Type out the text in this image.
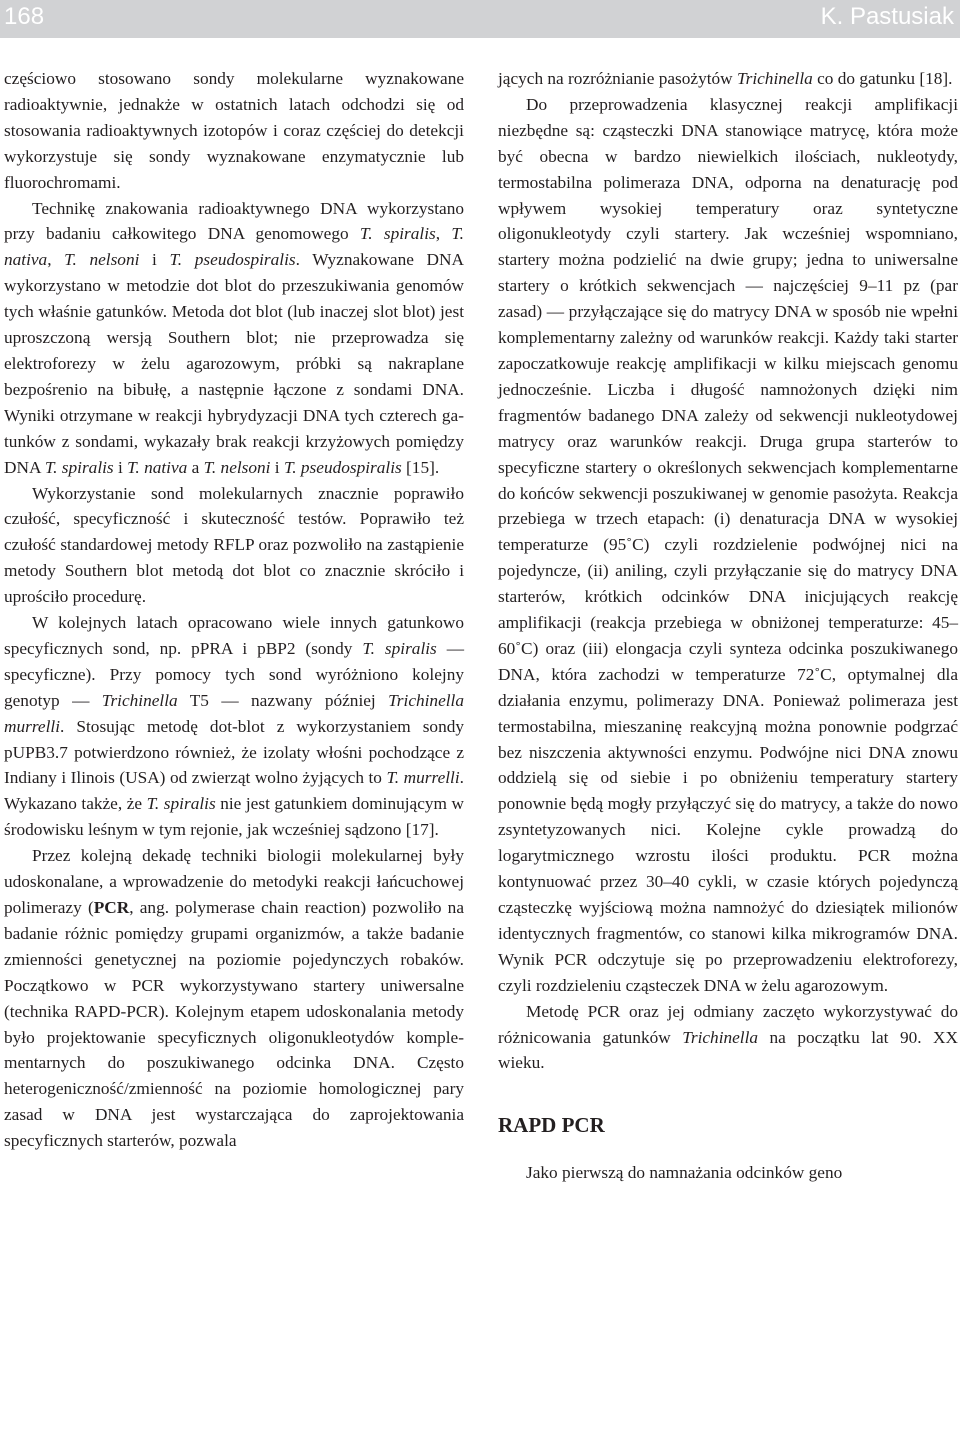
168	K. Pastusiak

częściowo stosowano sondy molekularne wyznakowane radioaktywnie, jednakże w ostatnich latach odchodzi się od stosowania radioaktywnych izotopów i coraz częściej do detekcji wykorzystuje się sondy wyznakowane enzymatycznie lub fluorochromami.

Technikę znakowania radioaktywnego DNA wykorzystano przy badaniu całkowitego DNA genomowego T. spiralis, T. nativa, T. nelsoni i T. pseudospiralis. Wyznakowane DNA wykorzystano w metodzie dot blot do przeszukiwania genomów tych właśnie gatunków. Metoda dot blot (lub inaczej slot blot) jest uproszczoną wersją Southern blot; nie przeprowadza się elektroforezy w żelu agarozowym, próbki są nakraplane bezpośrenio na bibułę, a następnie łączone z sondami DNA. Wyniki otrzymane w reakcji hybrydyzacji DNA tych czterech gatunków z sondami, wykazały brak reakcji krzyżowych pomiędzy DNA T. spiralis i T. nativa a T. nelsoni i T. pseudospiralis [15].

Wykorzystanie sond molekularnych znacznie poprawiło czułość, specyficzność i skuteczność testów. Poprawiło też czułość standardowej metody RFLP oraz pozwoliło na zastąpienie metody Southern blot metodą dot blot co znacznie skróciło i uprościło procedurę.

W kolejnych latach opracowano wiele innych gatunkowo specyficznych sond, np. pPRA i pBP2 (sondy T. spiralis — specyficzne). Przy pomocy tych sond wyróżniono kolejny genotyp — Trichinella T5 — nazwany później Trichinella murrelli. Stosując metodę dot-blot z wykorzystaniem sondy pUPB3.7 potwierdzono również, że izolaty włośni pochodzące z Indiany i Ilinois (USA) od zwierząt wolno żyjących to T. murrelli. Wykazano także, że T. spiralis nie jest gatunkiem dominującym w środowisku leśnym w tym rejonie, jak wcześniej sądzono [17].

Przez kolejną dekadę techniki biologii molekularnej były udoskonalane, a wprowadzenie do metodyki reakcji łańcuchowej polimerazy (PCR, ang. polymerase chain reaction) pozwoliło na badanie różnic pomiędzy grupami organizmów, a także badanie zmienności genetycznej na poziomie pojedynczych robaków. Początkowo w PCR wykorzystywano startery uniwersalne (technika RAPD-PCR). Kolejnym etapem udoskonalania metody było projektowanie specyficznych oligonukleotydów komplementarnych do poszukiwanego odcinka DNA. Często heterogeniczność/zmienność na poziomie homologicznej pary zasad w DNA jest wystarczająca do zaprojektowania specyficznych starterów, pozwala

jących na rozróżnianie pasożytów Trichinella co do gatunku [18].

Do przeprowadzenia klasycznej reakcji amplifikacji niezbędne są: cząsteczki DNA stanowiące matrycę, która może być obecna w bardzo niewielkich ilościach, nukleotydy, termostabilna polimeraza DNA, odporna na denaturację pod wpływem wysokiej temperatury oraz syntetyczne oligonukleotydy czyli startery. Jak wcześniej wspomniano, startery można podzielić na dwie grupy; jedna to uniwersalne startery o krótkich sekwencjach — najczęściej 9–11 pz (par zasad) — przyłączające się do matrycy DNA w sposób nie wpełni komplementarny zależny od warunków reakcji. Każdy taki starter zapoczatkowuje reakcję amplifikacji w kilku miejscach genomu jednocześnie. Liczba i długość namnożonych dzięki nim fragmentów badanego DNA zależy od sekwencji nukleotydowej matrycy oraz warunków reakcji. Druga grupa starterów to specyficzne startery o określonych sekwencjach komplementarne do końców sekwencji poszukiwanej w genomie pasożyta. Reakcja przebiega w trzech etapach: (i) denaturacja DNA w wysokiej temperaturze (95˚C) czyli rozdzielenie podwójnej nici na pojedyncze, (ii) aniling, czyli przyłączanie się do matrycy DNA starterów, krótkich odcinków DNA inicjujących reakcję amplifikacji (reakcja przebiega w obniżonej temperaturze: 45–60˚C) oraz (iii) elongacja czyli synteza odcinka poszukiwanego DNA, która zachodzi w temperaturze 72˚C, optymalnej dla działania enzymu, polimerazy DNA. Ponieważ polimeraza jest termostabilna, mieszaninę reakcyjną można ponownie podgrzać bez niszczenia aktywności enzymu. Podwójne nici DNA znowu oddzielą się od siebie i po obniżeniu temperatury startery ponownie będą mogły przyłączyć się do matrycy, a także do nowo zsyntetyzowanych nici. Kolejne cykle prowadzą do logarytmicznego wzrostu ilości produktu. PCR można kontynuować przez 30–40 cykli, w czasie których pojedynczą cząsteczkę wyjściową można namnożyć do dziesiątek milionów identycznych fragmentów, co stanowi kilka mikrogramów DNA. Wynik PCR odczytuje się po przeprowadzeniu elektroforezy, czyli rozdzieleniu cząsteczek DNA w żelu agarozowym.

Metodę PCR oraz jej odmiany zaczęto wykorzystywać do różnicowania gatunków Trichinella na początku lat 90. XX wieku.

RAPD PCR

Jako pierwszą do namnażania odcinków geno
